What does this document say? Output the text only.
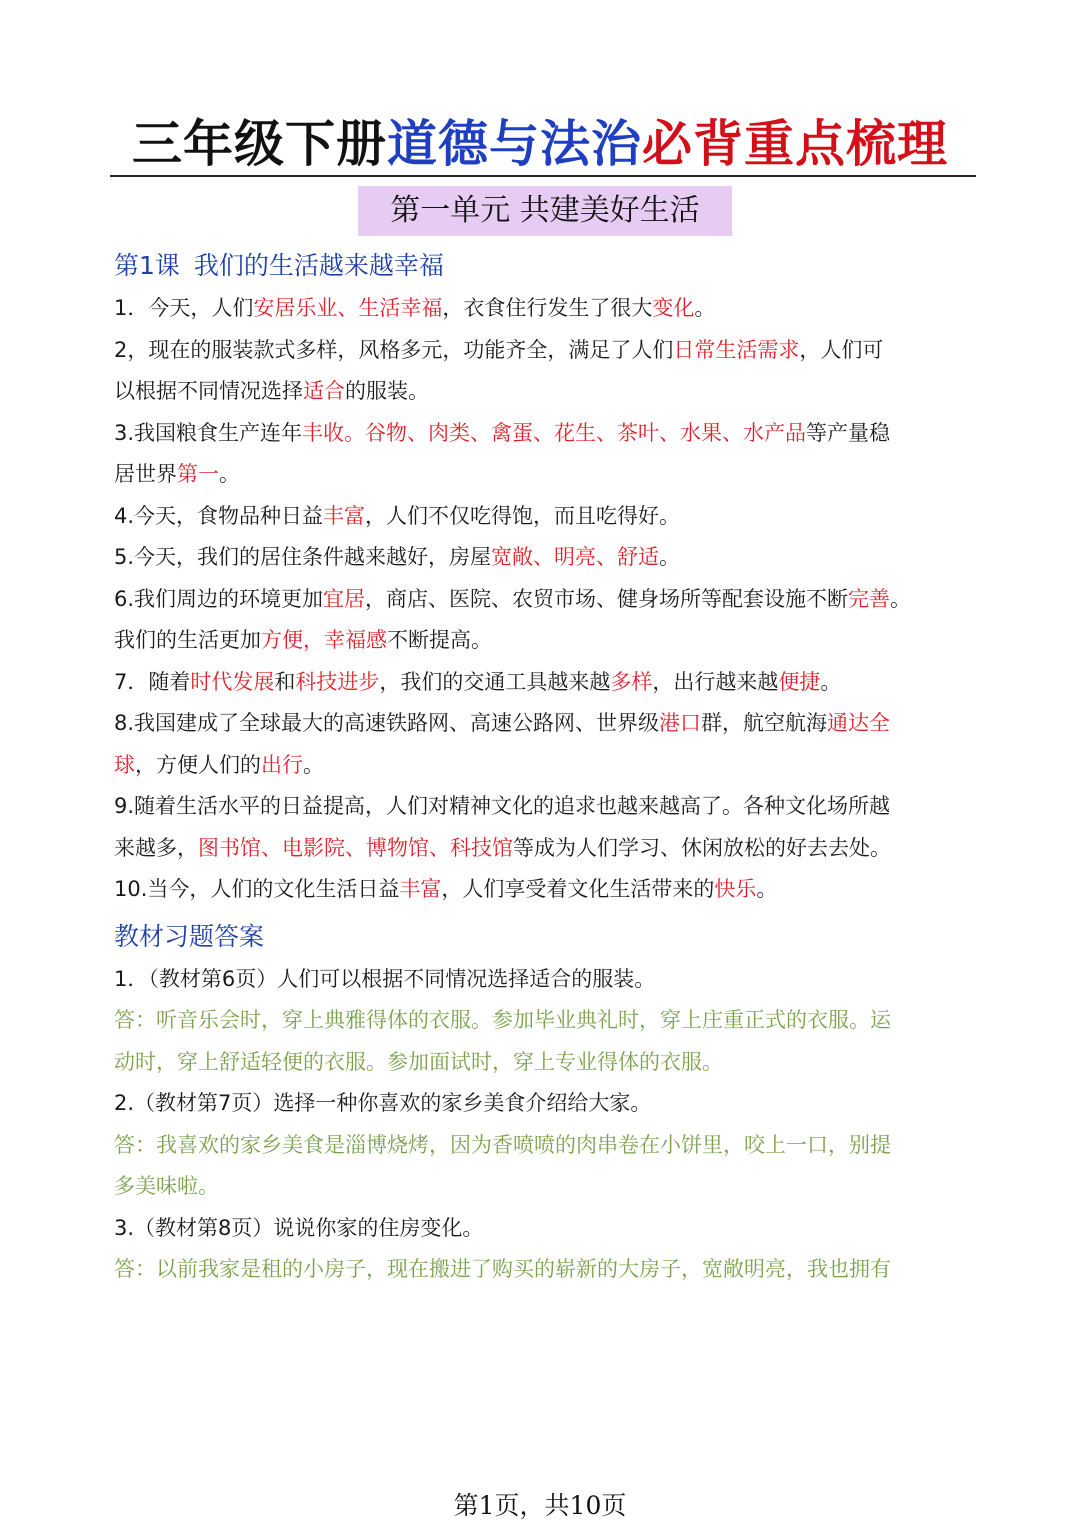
三年级下册道德与法治必背重点梳理
第一单元 共建美好生活
第1课 我们的生活越来越幸福
1．今天，人们安居乐业、生活幸福，衣食住行发生了很大变化。
2，现在的服装款式多样，风格多元，功能齐全，满足了人们日常生活需求，人们可
以根据不同情况选择适合的服装。
3.我国粮食生产连年丰收。谷物、肉类、禽蛋、花生、茶叶、水果、水产品等产量稳
居世界第一。
4.今天，食物品种日益丰富，人们不仅吃得饱，而且吃得好。
5.今天，我们的居住条件越来越好，房屋宽敞、明亮、舒适。
6.我们周边的环境更加宜居，商店、医院、农贸市场、健身场所等配套设施不断完善。
我们的生活更加方便，幸福感不断提高。
7．随着时代发展和科技进步，我们的交通工具越来越多样，出行越来越便捷。
8.我国建成了全球最大的高速铁路网、高速公路网、世界级港口群，航空航海通达全
球，方便人们的出行。
9.随着生活水平的日益提高，人们对精神文化的追求也越来越高了。各种文化场所越
来越多，图书馆、电影院、博物馆、科技馆等成为人们学习、休闲放松的好去去处。
10.当今，人们的文化生活日益丰富，人们享受着文化生活带来的快乐。
教材习题答案
1．（教材第6页）人们可以根据不同情况选择适合的服装。
答：听音乐会时，穿上典雅得体的衣服。参加毕业典礼时，穿上庄重正式的衣服。运
动时，穿上舒适轻便的衣服。参加面试时，穿上专业得体的衣服。
2.（教材第7页）选择一种你喜欢的家乡美食介绍给大家。
答：我喜欢的家乡美食是淄博烧烤，因为香喷喷的肉串卷在小饼里，咬上一口，别提
多美味啦。
3.（教材第8页）说说你家的住房变化。
答：以前我家是租的小房子，现在搬进了购买的崭新的大房子，宽敞明亮，我也拥有
第1页，共10页
